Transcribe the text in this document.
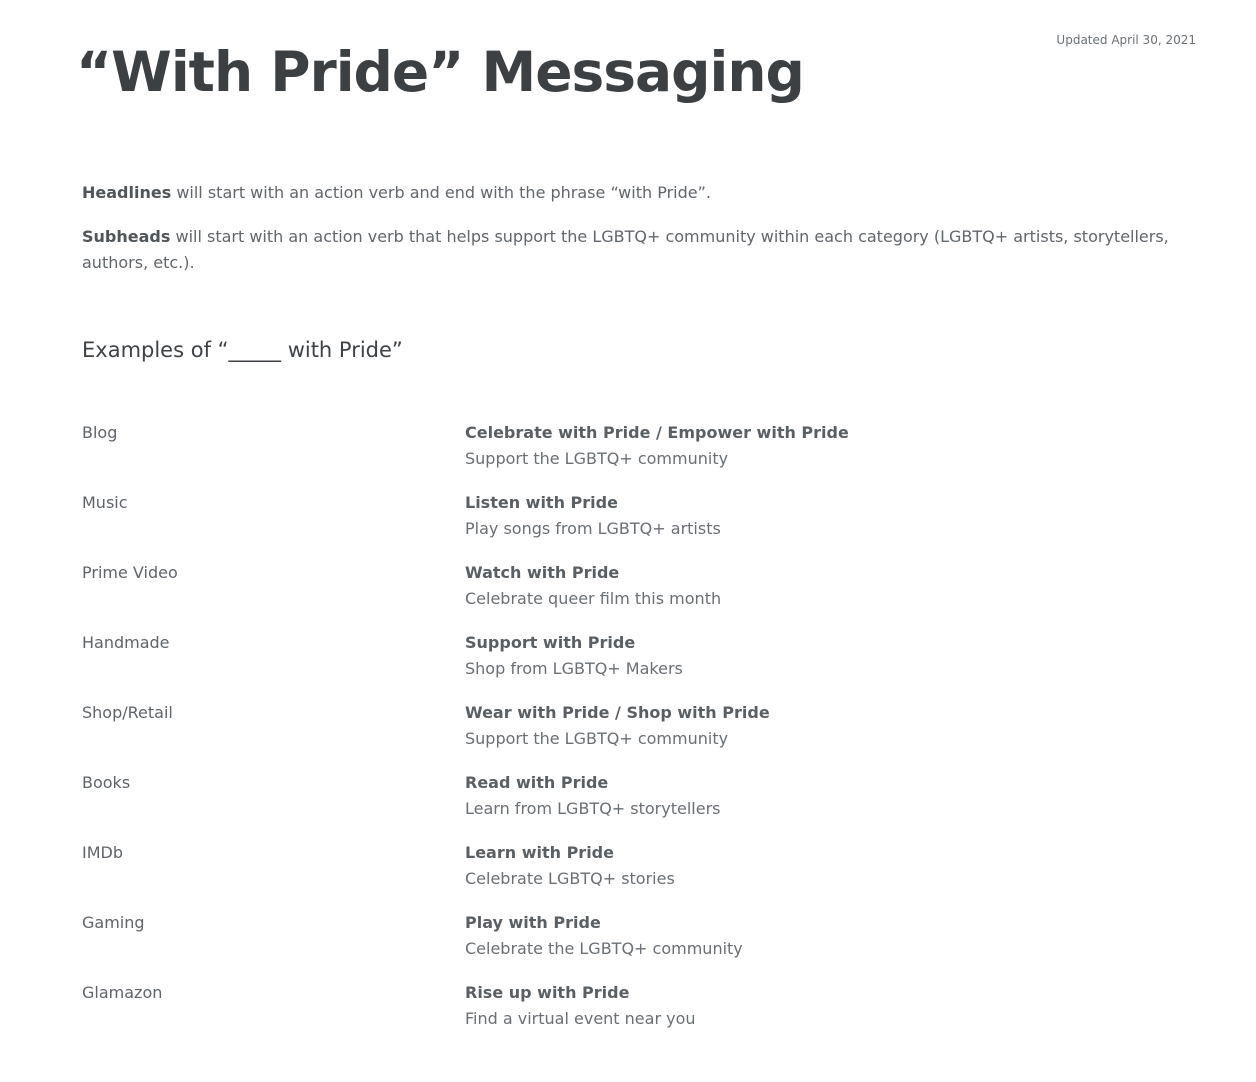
Updated April 30, 2021
“With Pride” Messaging

Headlines will start with an action verb and end with the phrase “with Pride”.

Subheads will start with an action verb that helps support the LGBTQ+ community within each category (LGBTQ+ artists, storytellers, authors, etc.).

Examples of “_____ with Pride”
Blog	Celebrate with Pride / Empower with Pride
Support the LGBTQ+ community
Music	Listen with Pride
Play songs from LGBTQ+ artists
Prime Video	Watch with Pride
Celebrate queer film this month
Handmade	Support with Pride
Shop from LGBTQ+ Makers
Shop/Retail	Wear with Pride / Shop with Pride
Support the LGBTQ+ community
Books	Read with Pride
Learn from LGBTQ+ storytellers
IMDb	Learn with Pride
Celebrate LGBTQ+ stories
Gaming	Play with Pride
Celebrate the LGBTQ+ community
Glamazon	Rise up with Pride
Find a virtual event near you
